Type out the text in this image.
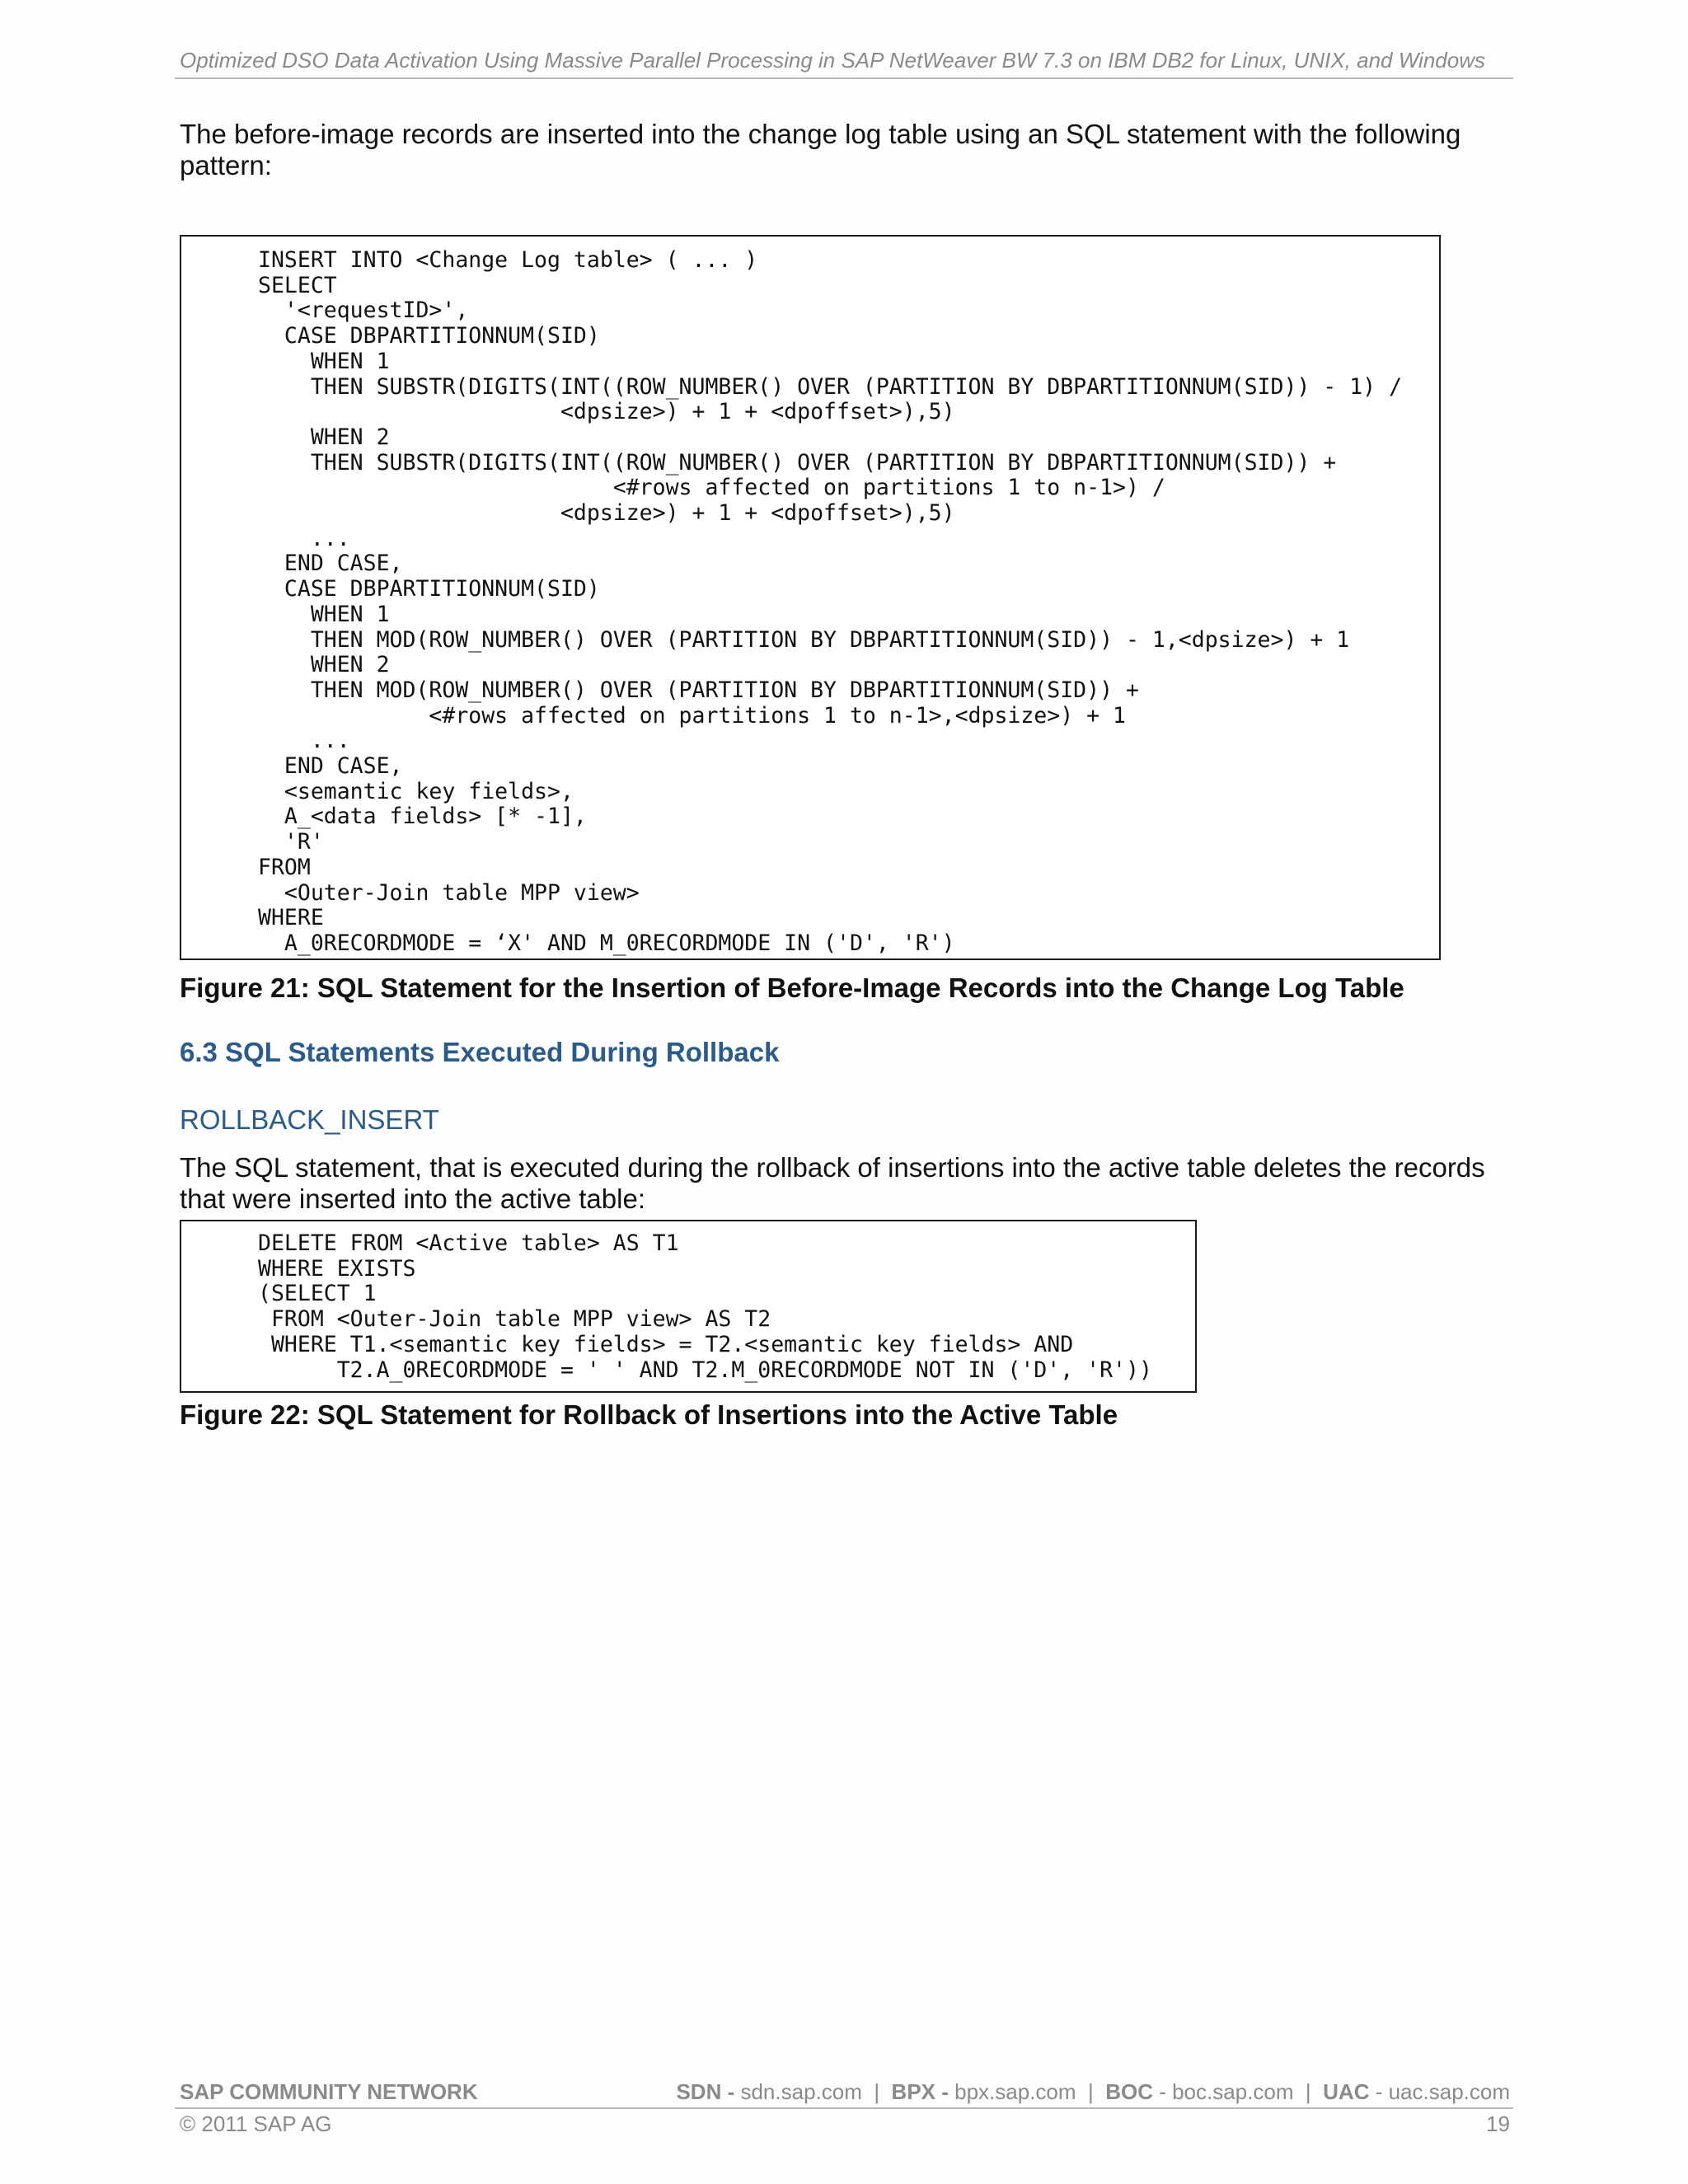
Optimized DSO Data Activation Using Massive Parallel Processing in SAP NetWeaver BW 7.3 on IBM DB2 for Linux, UNIX, and Windows
The before-image records are inserted into the change log table using an SQL statement with the following pattern:
INSERT INTO <Change Log table> ( ... )
SELECT
'<requestID>',
CASE DBPARTITIONNUM(SID)
WHEN 1
THEN SUBSTR(DIGITS(INT((ROW_NUMBER() OVER (PARTITION BY DBPARTITIONNUM(SID)) - 1) /
<dpsize>) + 1 + <dpoffset>),5)
WHEN 2
THEN SUBSTR(DIGITS(INT((ROW_NUMBER() OVER (PARTITION BY DBPARTITIONNUM(SID)) +
<#rows affected on partitions 1 to n-1>) /
<dpsize>) + 1 + <dpoffset>),5)
...
END CASE,
CASE DBPARTITIONNUM(SID)
WHEN 1
THEN MOD(ROW_NUMBER() OVER (PARTITION BY DBPARTITIONNUM(SID)) - 1,<dpsize>) + 1
WHEN 2
THEN MOD(ROW_NUMBER() OVER (PARTITION BY DBPARTITIONNUM(SID)) +
<#rows affected on partitions 1 to n-1>,<dpsize>) + 1
...
END CASE,
<semantic key fields>,
A_<data fields> [* -1],
'R'
FROM
<Outer-Join table MPP view>
WHERE
A_0RECORDMODE = ‘X' AND M_0RECORDMODE IN ('D', 'R')
Figure 21: SQL Statement for the Insertion of Before-Image Records into the Change Log Table
6.3 SQL Statements Executed During Rollback
ROLLBACK_INSERT
The SQL statement, that is executed during the rollback of insertions into the active table deletes the records that were inserted into the active table:
DELETE FROM <Active table> AS T1
WHERE EXISTS
(SELECT 1
FROM <Outer-Join table MPP view> AS T2
WHERE T1.<semantic key fields> = T2.<semantic key fields> AND
T2.A_0RECORDMODE = ' ' AND T2.M_0RECORDMODE NOT IN ('D', 'R'))
Figure 22: SQL Statement for Rollback of Insertions into the Active Table
SAP COMMUNITY NETWORK	SDN - sdn.sap.com  |  BPX - bpx.sap.com  |  BOC - boc.sap.com  |  UAC - uac.sap.com
© 2011 SAP AG	19
